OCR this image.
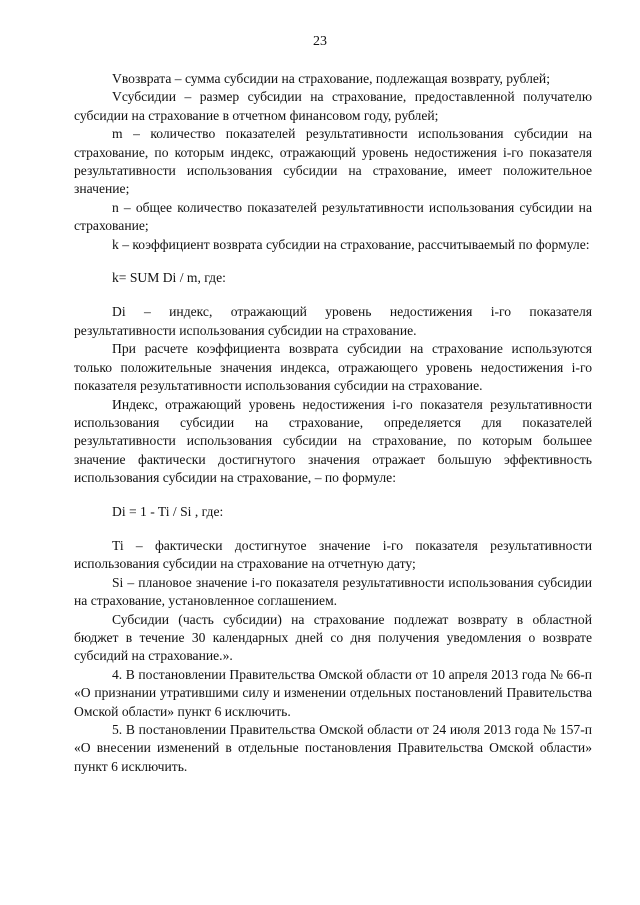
23

Vвозврата – сумма субсидии на страхование, подлежащая возврату, рублей;

Vсубсидии – размер субсидии на страхование, предоставленной получателю субсидии на страхование в отчетном финансовом году, рублей;

m – количество показателей результативности использования субсидии на страхование, по которым индекс, отражающий уровень недостижения i-го показателя результативности использования субсидии на страхование, имеет положительное значение;

n – общее количество показателей результативности использования субсидии на страхование;

k – коэффициент возврата субсидии на страхование, рассчитываемый по формуле:

k= SUM Di / m, где:

Di – индекс, отражающий уровень недостижения i-го показателя результативности использования субсидии на страхование.

При расчете коэффициента возврата субсидии на страхование используются только положительные значения индекса, отражающего уровень недостижения i-го показателя результативности использования субсидии на страхование.

Индекс, отражающий уровень недостижения i-го показателя результативности использования субсидии на страхование, определяется для показателей результативности использования субсидии на страхование, по которым большее значение фактически достигнутого значения отражает большую эффективность использования субсидии на страхование, – по формуле:

Di = 1 - Ti / Si , где:

Ti – фактически достигнутое значение i-го показателя результативности использования субсидии на страхование на отчетную дату;

Si – плановое значение i-го показателя результативности использования субсидии на страхование, установленное соглашением.

Субсидии (часть субсидии) на страхование подлежат возврату в областной бюджет в течение 30 календарных дней со дня получения уведомления о возврате субсидий на страхование.».

4. В постановлении Правительства Омской области от 10 апреля 2013 года № 66-п «О признании утратившими силу и изменении отдельных постановлений Правительства Омской области» пункт 6 исключить.

5. В постановлении Правительства Омской области от 24 июля 2013 года № 157-п «О внесении изменений в отдельные постановления Правительства Омской области» пункт 6 исключить.
